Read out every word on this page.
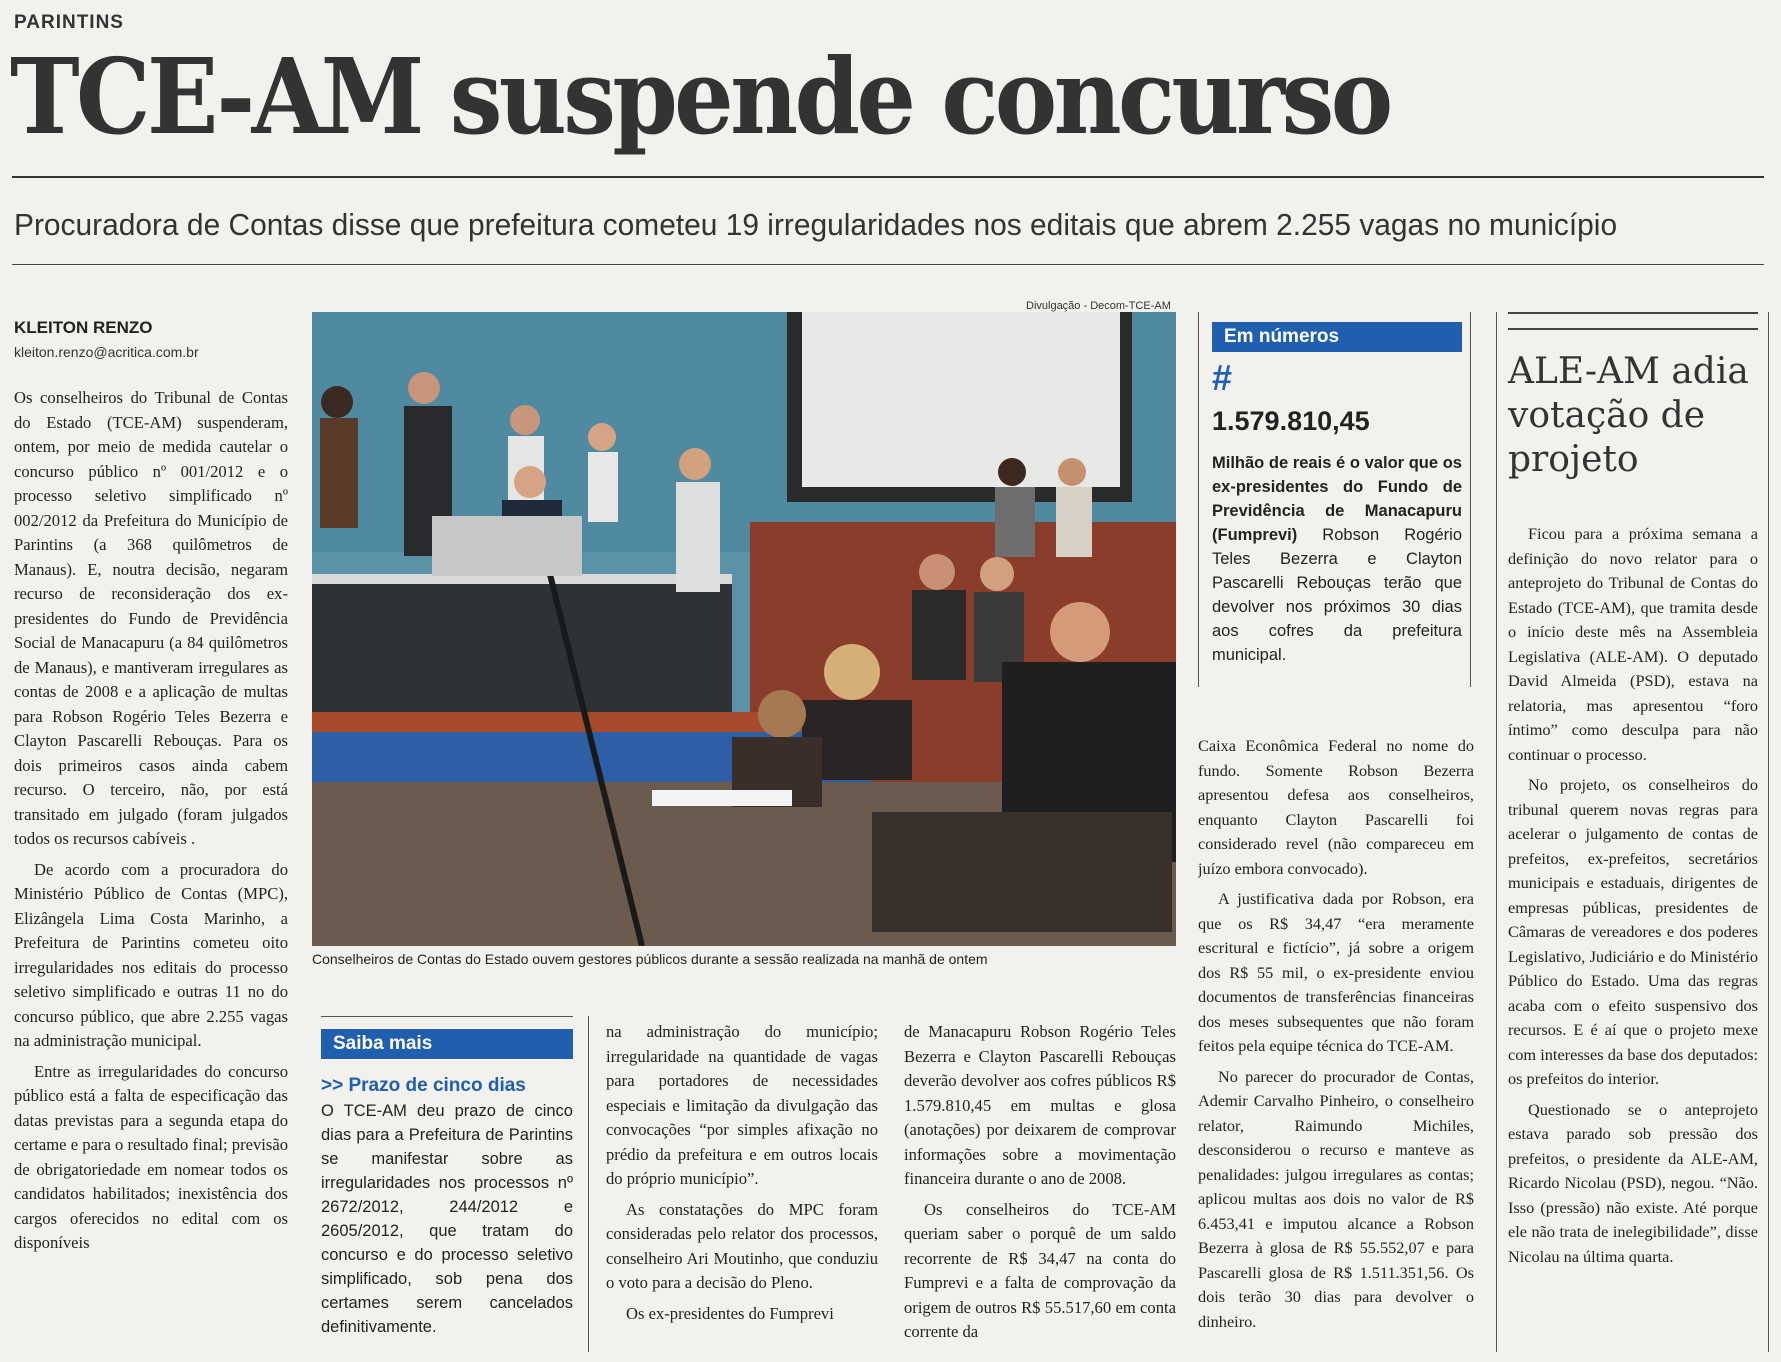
PARINTINS
TCE-AM suspende concurso
Procuradora de Contas disse que prefeitura cometeu 19 irregularidades nos editais que abrem 2.255 vagas no município
KLEITON RENZO
kleiton.renzo@acritica.com.br

Os conselheiros do Tribunal de Contas do Estado (TCE-AM) suspenderam, ontem, por meio de medida cautelar o concurso público nº 001/2012 e o processo seletivo simplificado nº 002/2012 da Prefeitura do Município de Parintins (a 368 quilômetros de Manaus). E, noutra decisão, negaram recurso de reconsideração dos ex-presidentes do Fundo de Previdência Social de Manacapuru (a 84 quilômetros de Manaus), e mantiveram irregulares as contas de 2008 e a aplicação de multas para Robson Rogério Teles Bezerra e Clayton Pascarelli Rebouças. Para os dois primeiros casos ainda cabem recurso. O terceiro, não, por está transitado em julgado (foram julgados todos os recursos cabíveis .

De acordo com a procuradora do Ministério Público de Contas (MPC), Elizângela Lima Costa Marinho, a Prefeitura de Parintins cometeu oito irregularidades nos editais do processo seletivo simplificado e outras 11 no do concurso público, que abre 2.255 vagas na administração municipal.

Entre as irregularidades do concurso público está a falta de especificação das datas previstas para a segunda etapa do certame e para o resultado final; previsão de obrigatoriedade em nomear todos os candidatos habilitados; inexistência dos cargos oferecidos no edital com os disponíveis

Divulgação - Decom-TCE-AM
Conselheiros de Contas do Estado ouvem gestores públicos durante a sessão realizada na manhã de ontem
Saiba mais
>> Prazo de cinco dias
O TCE-AM deu prazo de cinco dias para a Prefeitura de Parintins se manifestar sobre as irregularidades nos processos nº 2672/2012, 244/2012 e 2605/2012, que tratam do concurso e do processo seletivo simplificado, sob pena dos certames serem cancelados definitivamente.

na administração do município; irregularidade na quantidade de vagas para portadores de necessidades especiais e limitação da divulgação das convocações “por simples afixação no prédio da prefeitura e em outros locais do próprio município”.

As constatações do MPC foram consideradas pelo relator dos processos, conselheiro Ari Moutinho, que conduziu o voto para a decisão do Pleno.

Os ex-presidentes do Fumprevi

de Manacapuru Robson Rogério Teles Bezerra e Clayton Pascarelli Rebouças deverão devolver aos cofres públicos R$ 1.579.810,45 em multas e glosa (anotações) por deixarem de comprovar informações sobre a movimentação financeira durante o ano de 2008.

Os conselheiros do TCE-AM queriam saber o porquê de um saldo recorrente de R$ 34,47 na conta do Fumprevi e a falta de comprovação da origem de outros R$ 55.517,60 em conta corrente da

Em números
#
1.579.810,45
Milhão de reais é o valor que os ex-presidentes do Fundo de Previdência de Manacapuru (Fumprevi) Robson Rogério Teles Bezerra e Clayton Pascarelli Rebouças terão que devolver nos próximos 30 dias aos cofres da prefeitura municipal.

Caixa Econômica Federal no nome do fundo. Somente Robson Bezerra apresentou defesa aos conselheiros, enquanto Clayton Pascarelli foi considerado revel (não compareceu em juízo embora convocado).

A justificativa dada por Robson, era que os R$ 34,47 “era meramente escritural e fictício”, já sobre a origem dos R$ 55 mil, o ex-presidente enviou documentos de transferências financeiras dos meses subsequentes que não foram feitos pela equipe técnica do TCE-AM.

No parecer do procurador de Contas, Ademir Carvalho Pinheiro, o conselheiro relator, Raimundo Michiles, desconsiderou o recurso e manteve as penalidades: julgou irregulares as contas; aplicou multas aos dois no valor de R$ 6.453,41 e imputou alcance a Robson Bezerra à glosa de R$ 55.552,07 e para Pascarelli glosa de R$ 1.511.351,56. Os dois terão 30 dias para devolver o dinheiro.

ALE-AM adia votação de projeto

Ficou para a próxima semana a definição do novo relator para o anteprojeto do Tribunal de Contas do Estado (TCE-AM), que tramita desde o início deste mês na Assembleia Legislativa (ALE-AM). O deputado David Almeida (PSD), estava na relatoria, mas apresentou “foro íntimo” como desculpa para não continuar o processo.

No projeto, os conselheiros do tribunal querem novas regras para acelerar o julgamento de contas de prefeitos, ex-prefeitos, secretários municipais e estaduais, dirigentes de empresas públicas, presidentes de Câmaras de vereadores e dos poderes Legislativo, Judiciário e do Ministério Público do Estado. Uma das regras acaba com o efeito suspensivo dos recursos. E é aí que o projeto mexe com interesses da base dos deputados: os prefeitos do interior.

Questionado se o anteprojeto estava parado sob pressão dos prefeitos, o presidente da ALE-AM, Ricardo Nicolau (PSD), negou. “Não. Isso (pressão) não existe. Até porque ele não trata de inelegibilidade”, disse Nicolau na última quarta.
